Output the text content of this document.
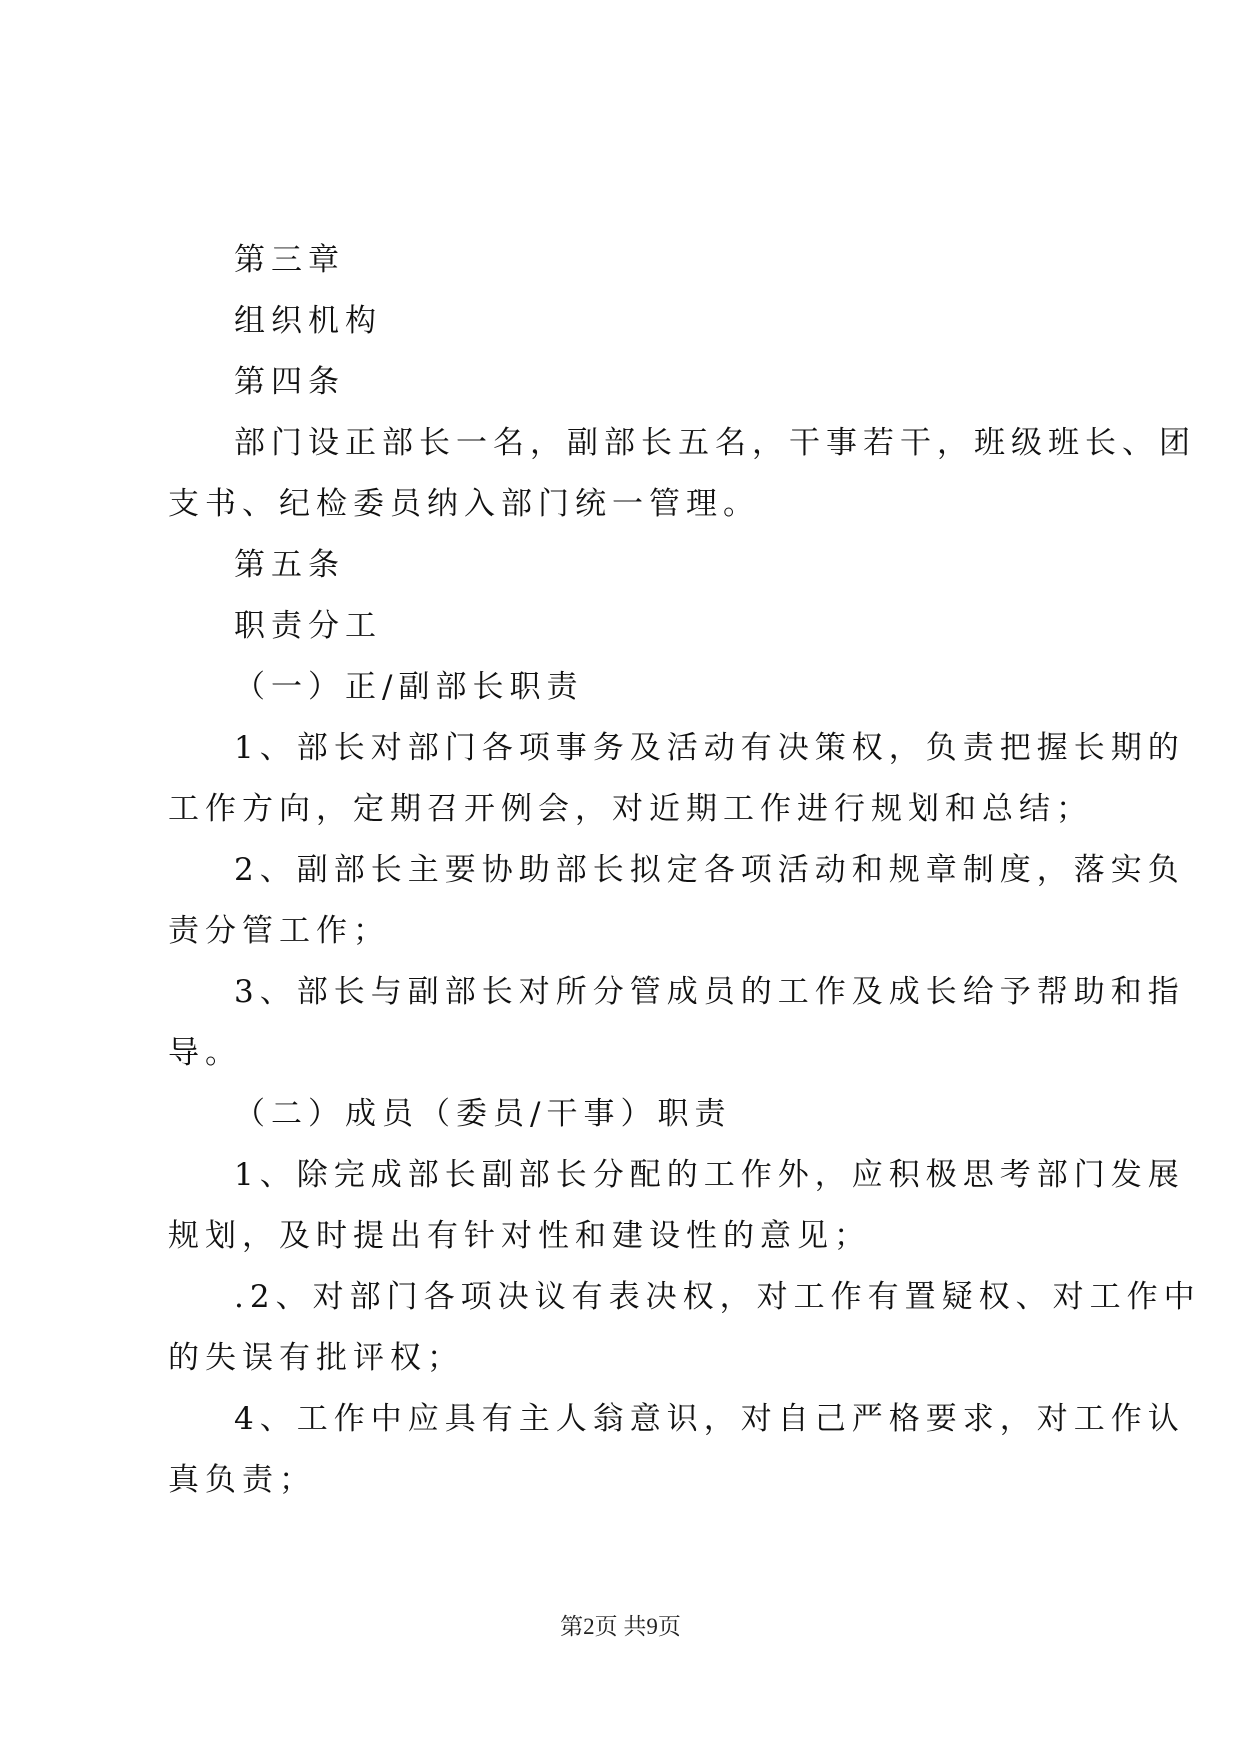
第三章
组织机构
第四条
部门设正部长一名，副部长五名，干事若干，班级班长、团
支书、纪检委员纳入部门统一管理。
第五条
职责分工
（一）正/副部长职责
1、部长对部门各项事务及活动有决策权，负责把握长期的
工作方向，定期召开例会，对近期工作进行规划和总结；
2、副部长主要协助部长拟定各项活动和规章制度，落实负
责分管工作；
3、部长与副部长对所分管成员的工作及成长给予帮助和指
导。
（二）成员（委员/干事）职责
1、除完成部长副部长分配的工作外，应积极思考部门发展
规划，及时提出有针对性和建设性的意见；
.2、对部门各项决议有表决权，对工作有置疑权、对工作中
的失误有批评权；
4、工作中应具有主人翁意识，对自己严格要求，对工作认
真负责；
第2页 共9页
